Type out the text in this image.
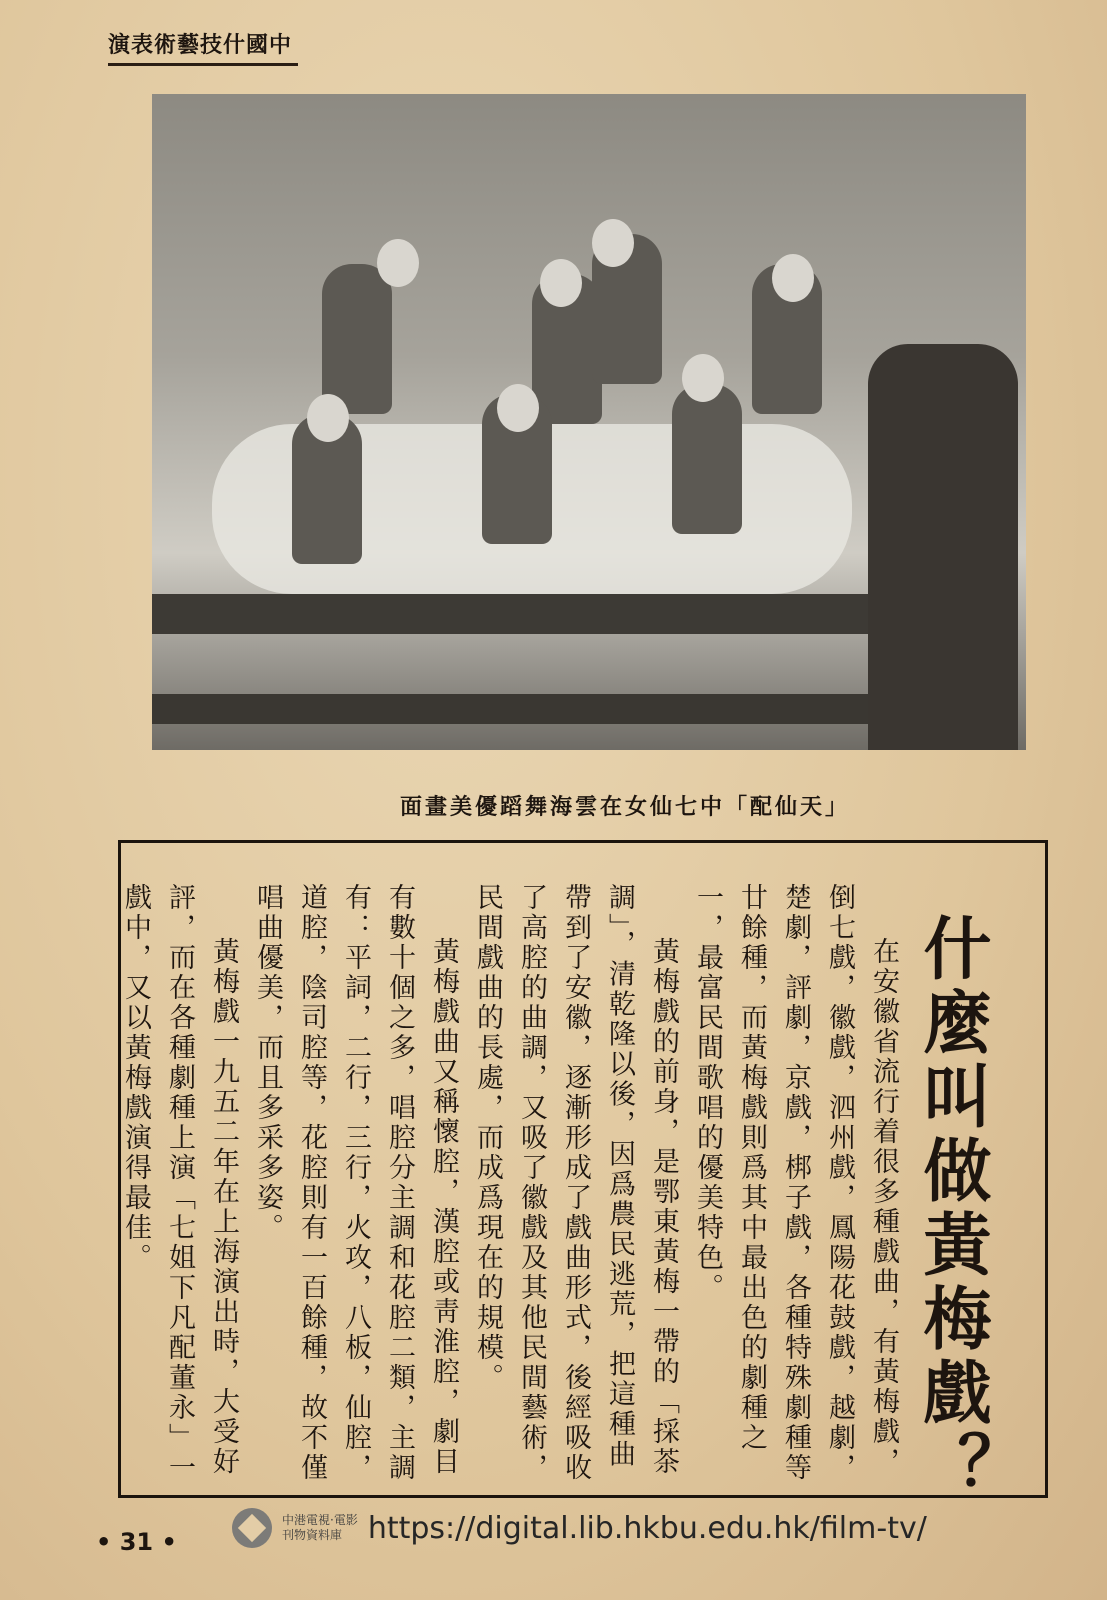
中國什技藝術表演
「天仙配」中七仙女在雲海舞蹈優美畫面
什麼叫做黃梅戲？

在安徽省流行着很多種戲曲，有黃梅戲，倒七戲，徽戲，泗州戲，鳳陽花鼓戲，越劇，楚劇，評劇，京戲，梆子戲，各種特殊劇種等廿餘種，而黃梅戲則爲其中最出色的劇種之一，最富民間歌唱的優美特色。

黃梅戲的前身，是鄂東黃梅一帶的「採茶調」，清乾隆以後，因爲農民逃荒，把這種曲帶到了安徽，逐漸形成了戲曲形式，後經吸收了高腔的曲調，又吸了徽戲及其他民間藝術，民間戲曲的長處，而成爲現在的規模。

黃梅戲曲又稱懷腔，漢腔或靑淮腔，劇目有數十個之多，唱腔分主調和花腔二類，主調有：平詞，二行，三行，火攻，八板，仙腔，道腔，陰司腔等，花腔則有一百餘種，故不僅唱曲優美，而且多采多姿。

黃梅戲一九五二年在上海演出時，大受好評，而在各種劇種上演「七姐下凡配董永」一戲中，又以黃梅戲演得最佳。

• 31 •
中港電視·電影
刊物資料庫 https://digital.lib.hkbu.edu.hk/film-tv/
